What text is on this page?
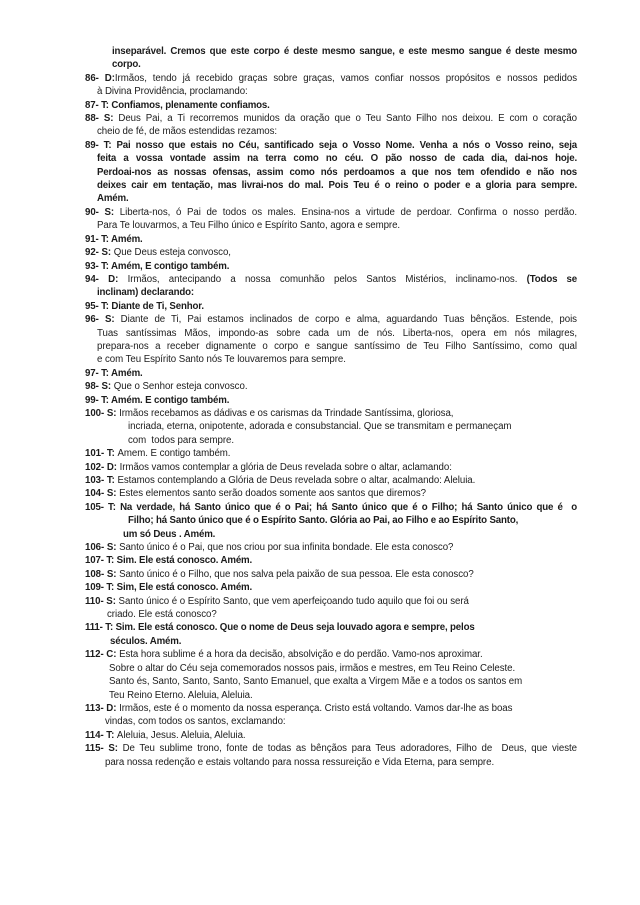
inseparável. Cremos que este corpo é deste mesmo sangue, e este mesmo sangue é deste mesmo
corpo.
86- D:Irmãos, tendo já recebido graças sobre graças, vamos confiar nossos propósitos e nossos pedidos
à Divina Providência, proclamando:
87- T: Confiamos, plenamente confiamos.
88- S: Deus Pai, a Ti recorremos munidos da oração que o Teu Santo Filho nos deixou. E com o coração
cheio de fé, de mãos estendidas rezamos:
89- T: Pai nosso que estais no Céu, santificado seja o Vosso Nome. Venha a nós o Vosso reino, seja
feita a vossa vontade assim na terra como no céu. O pão nosso de cada dia, dai-nos hoje.
Perdoai-nos as nossas ofensas, assim como nós perdoamos a que nos tem ofendido e não nos
deixes cair em tentação, mas livrai-nos do mal. Pois Teu é o reino o poder e a gloria para sempre.
Amém.
90- S: Liberta-nos, ó Pai de todos os males. Ensina-nos a virtude de perdoar. Confirma o nosso perdão.
Para Te louvarmos, a Teu Filho único e Espírito Santo, agora e sempre.
91- T: Amém.
92- S: Que Deus esteja convosco,
93- T: Amém, E contigo também.
94- D: Irmãos, antecipando a nossa comunhão pelos Santos Mistérios, inclinamo-nos. (Todos se
inclinam) declarando:
95- T: Diante de Ti, Senhor.
96- S: Diante de Ti, Pai estamos inclinados de corpo e alma, aguardando Tuas bênçãos. Estende, pois
Tuas santíssimas Mãos, impondo-as sobre cada um de nós. Liberta-nos, opera em nós milagres,
prepara-nos a receber dignamente o corpo e sangue santíssimo de Teu Filho Santíssimo, como qual
e com Teu Espírito Santo nós Te louvaremos para sempre.
97- T: Amém.
98- S: Que o Senhor esteja convosco.
99- T: Amém. E contigo também.
100- S: Irmãos recebamos as dádivas e os carismas da Trindade Santíssima, gloriosa,
incriada, eterna, onipotente, adorada e consubstancial. Que se transmitam e permaneçam
com  todos para sempre.
101- T: Amem. E contigo também.
102- D: Irmãos vamos contemplar a glória de Deus revelada sobre o altar, aclamando:
103- T: Estamos contemplando a Glória de Deus revelada sobre o altar, acalmando: Aleluia.
104- S: Estes elementos santo serão doados somente aos santos que diremos?
105- T: Na verdade, há Santo único que é o Pai; há Santo único que é o Filho; há Santo único que é  o
Filho; há Santo único que é o Espírito Santo. Glória ao Pai, ao Filho e ao Espírito Santo,
um só Deus . Amém.
106- S: Santo único é o Pai, que nos criou por sua infinita bondade. Ele esta conosco?
107- T: Sim. Ele está conosco. Amém.
108- S: Santo único é o Filho, que nos salva pela paixão de sua pessoa. Ele esta conosco?
109- T: Sim, Ele está conosco. Amém.
110- S: Santo único é o Espírito Santo, que vem aperfeiçoando tudo aquilo que foi ou será
criado. Ele está conosco?
111- T: Sim. Ele está conosco. Que o nome de Deus seja louvado agora e sempre, pelos
séculos. Amém.
112- C: Esta hora sublime é a hora da decisão, absolvição e do perdão. Vamo-nos aproximar.
Sobre o altar do Céu seja comemorados nossos pais, irmãos e mestres, em Teu Reino Celeste.
Santo és, Santo, Santo, Santo, Santo Emanuel, que exalta a Virgem Mãe e a todos os santos em
Teu Reino Eterno. Aleluia, Aleluia.
113- D: Irmãos, este é o momento da nossa esperança. Cristo está voltando. Vamos dar-lhe as boas
vindas, com todos os santos, exclamando:
114- T: Aleluia, Jesus. Aleluia, Aleluia.
115- S: De Teu sublime trono, fonte de todas as bênçãos para Teus adoradores, Filho de  Deus, que vieste
para nossa redenção e estais voltando para nossa ressureição e Vida Eterna, para sempre.
